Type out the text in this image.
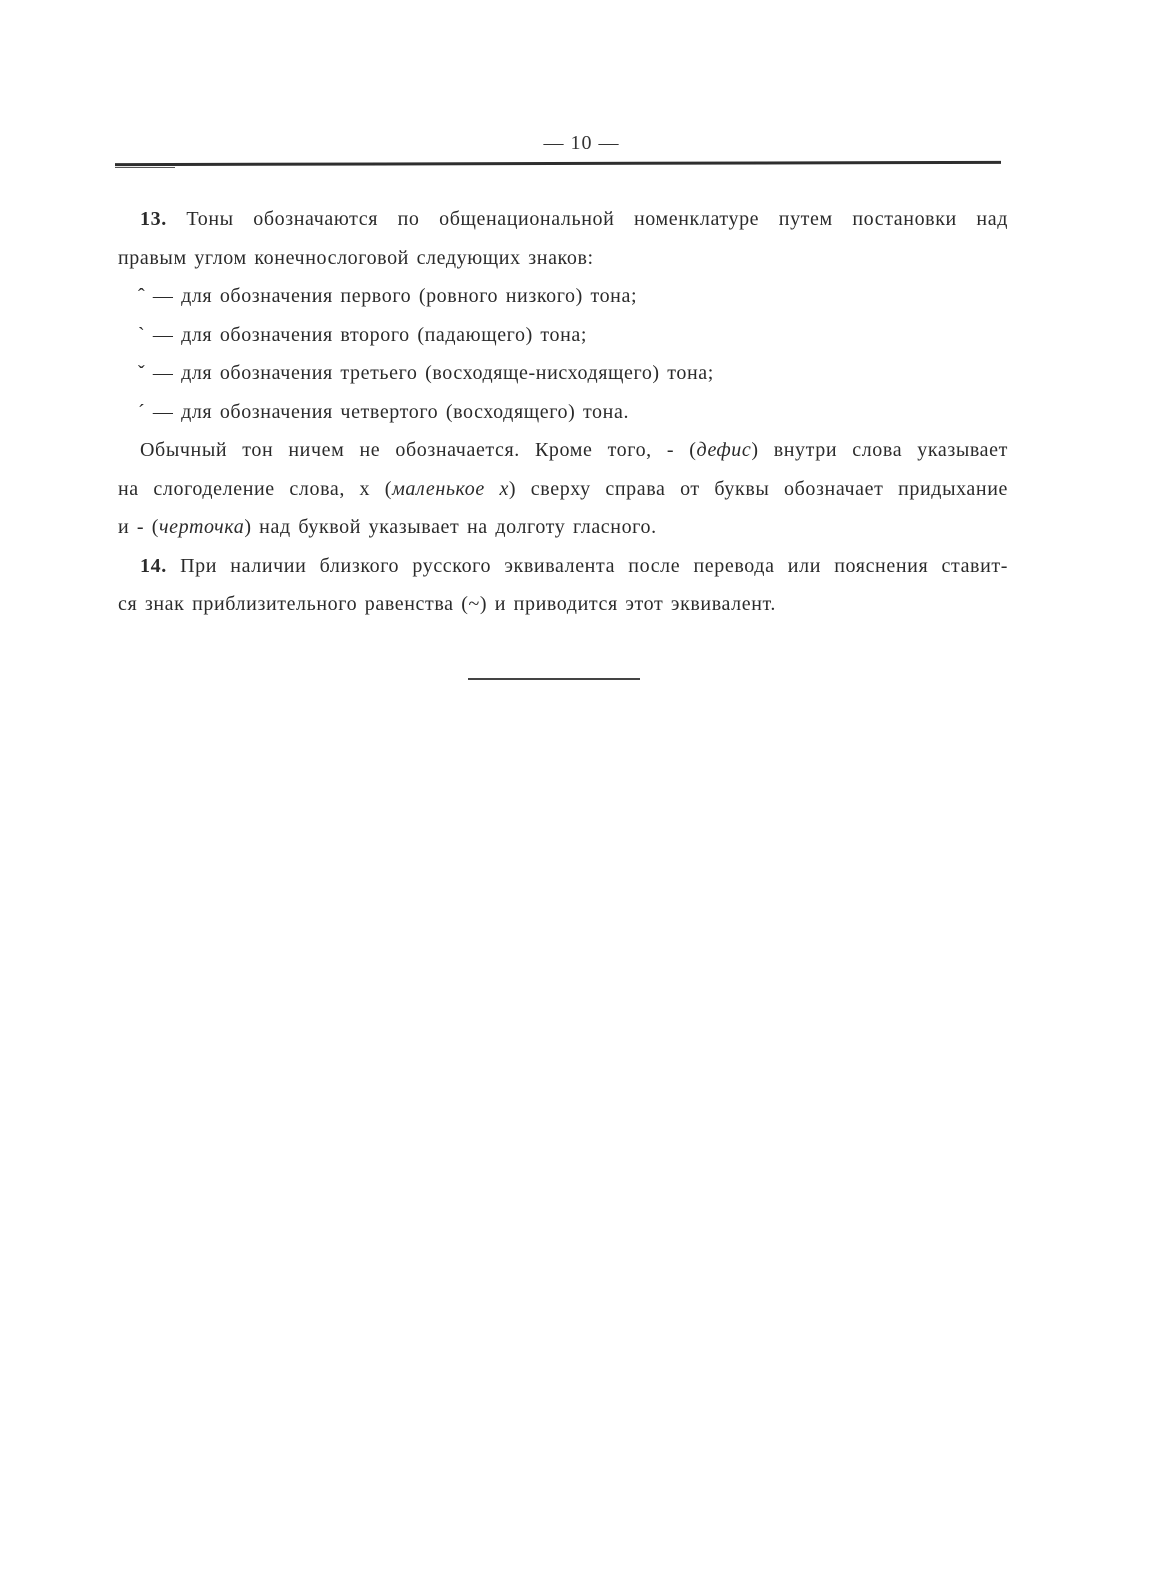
— 10 —
13. Тоны обозначаются по общенациональной номенклатуре путем постановки над
правым углом конечнослоговой следующих знаков:
ˆ — для обозначения первого (ровного низкого) тона;
ˋ — для обозначения второго (падающего) тона;
ˇ — для обозначения третьего (восходяще-нисходящего) тона;
ˊ — для обозначения четвертого (восходящего) тона.
Обычный тон ничем не обозначается. Кроме того, - (дефис) внутри слова указывает
на слогоделение слова, х (маленькое х) сверху справа от буквы обозначает придыхание
и - (черточка) над буквой указывает на долготу гласного.
14. При наличии близкого русского эквивалента после перевода или пояснения ставит-
ся знак приблизительного равенства (~) и приводится этот эквивалент.
